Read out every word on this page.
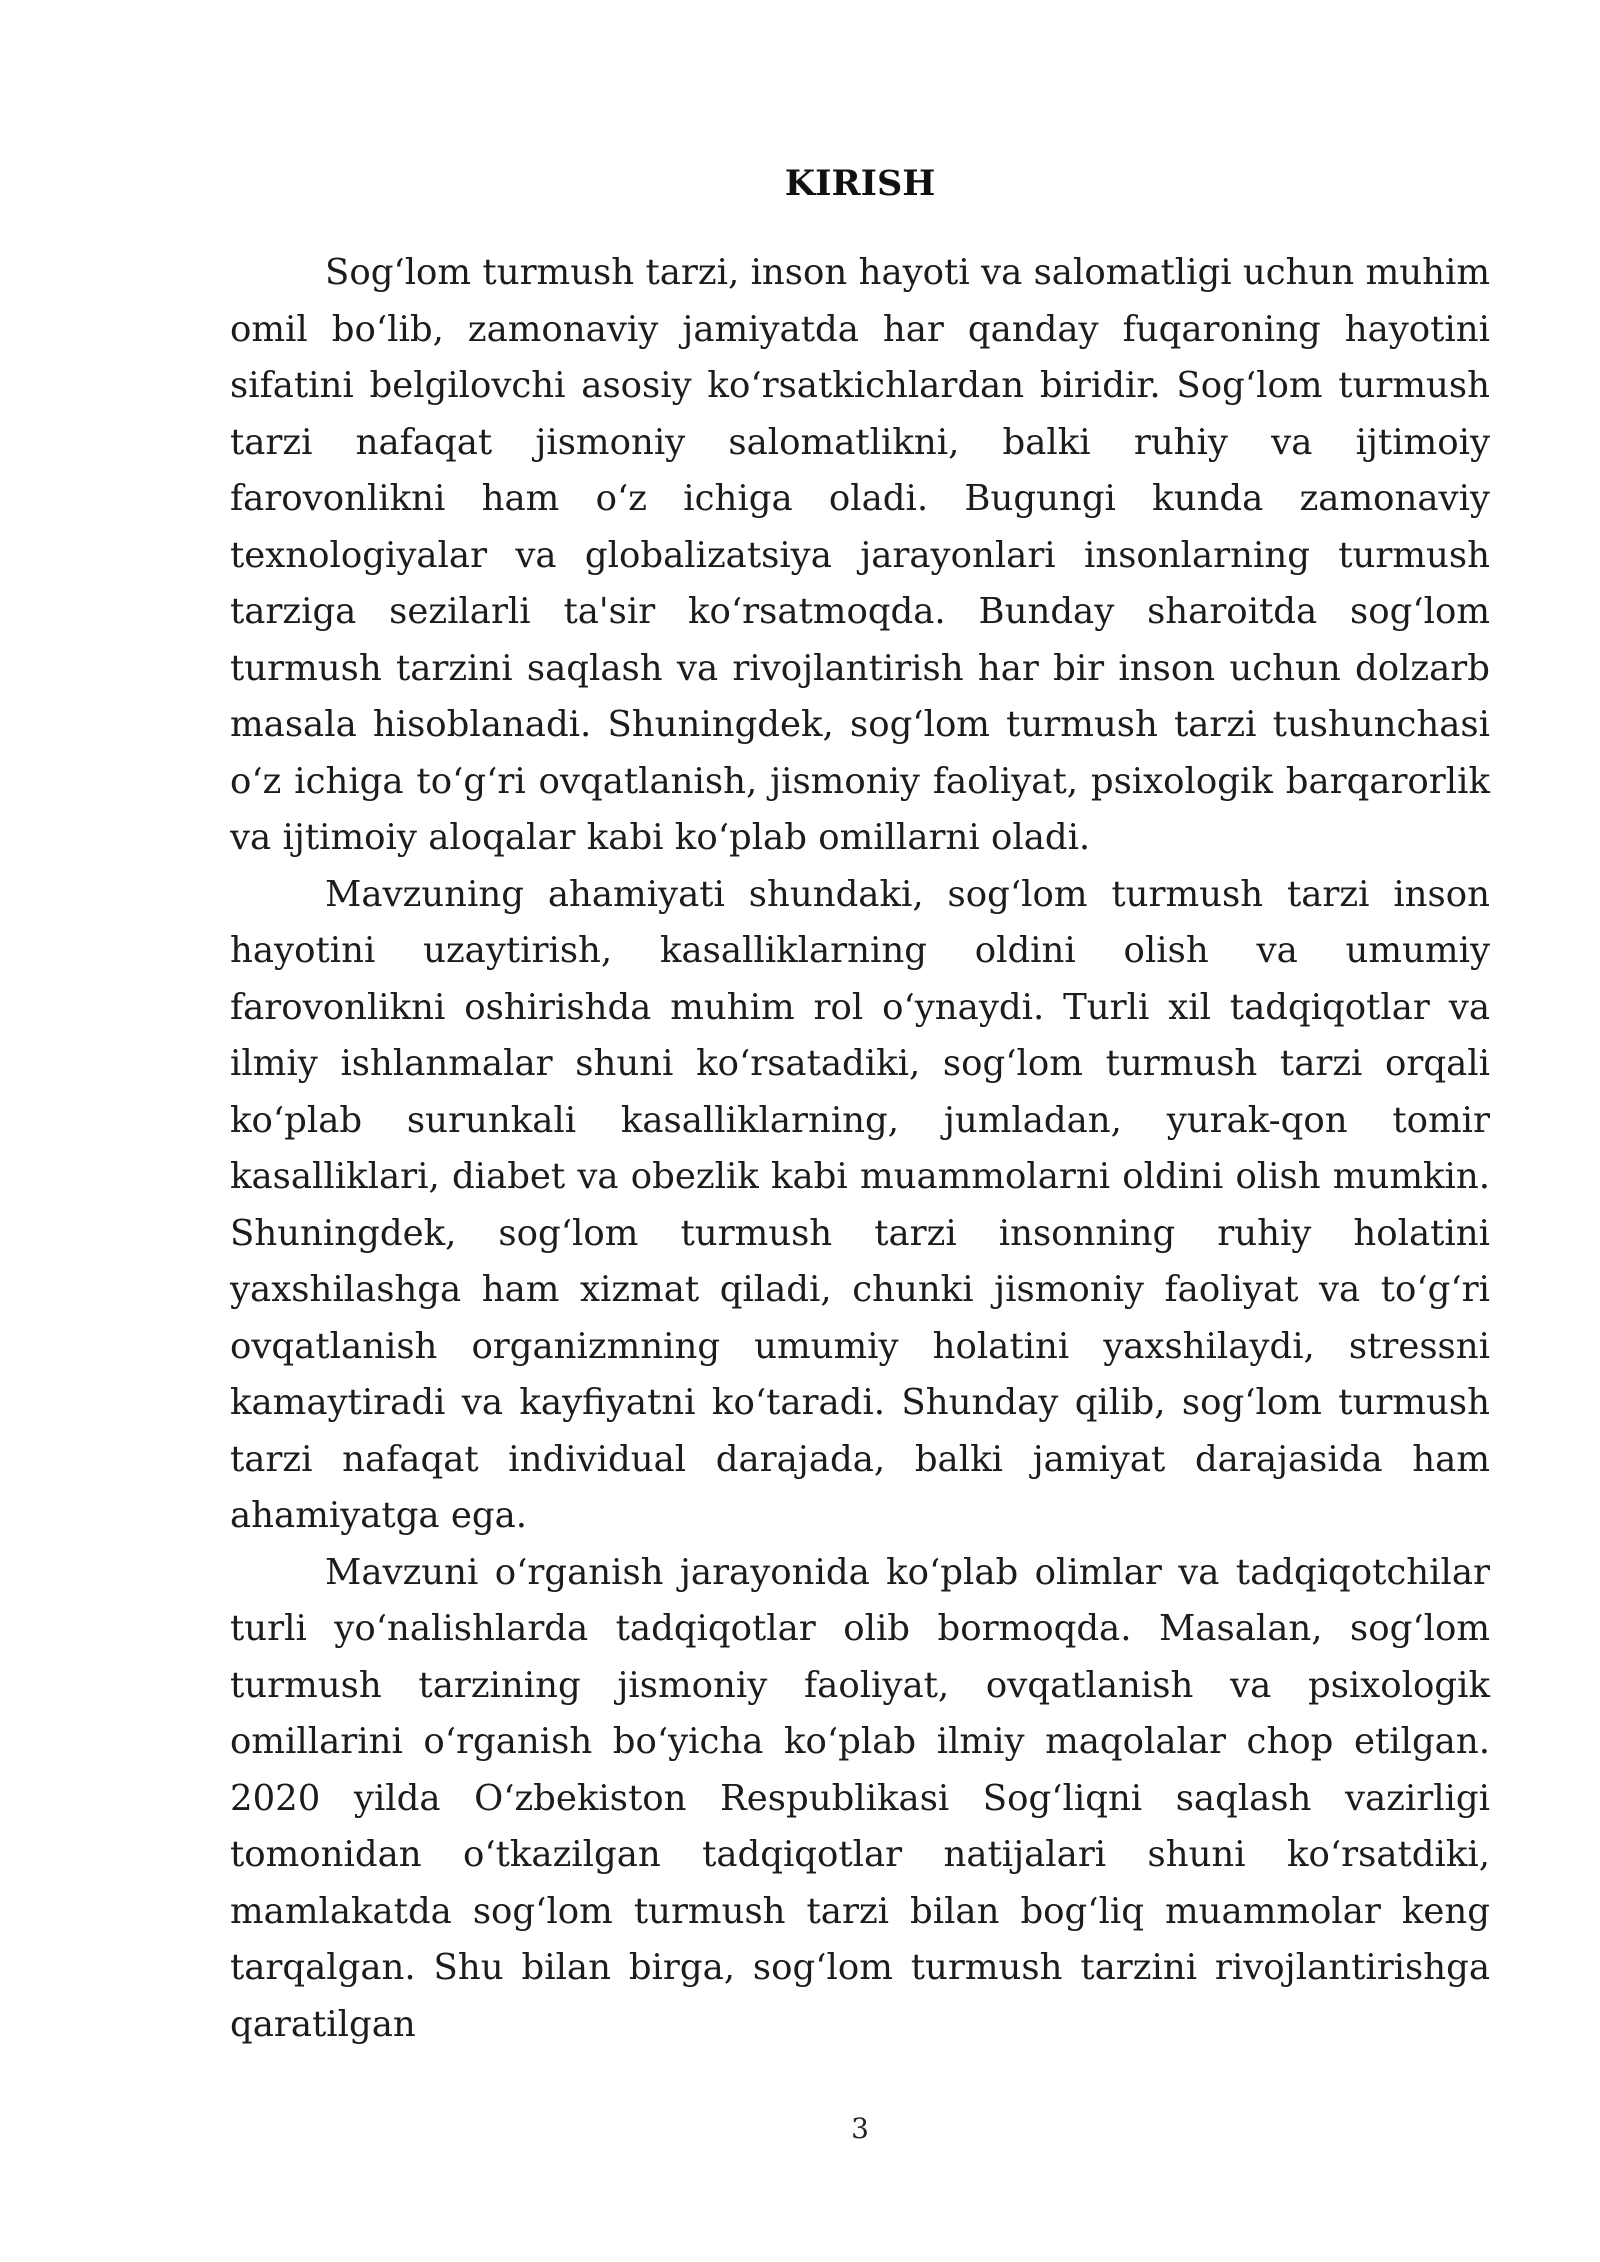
KIRISH

Sog‘lom turmush tarzi, inson hayoti va salomatligi uchun muhim omil bo‘lib, zamonaviy jamiyatda har qanday fuqaroning hayotini sifatini belgilovchi asosiy ko‘rsatkichlardan biridir. Sog‘lom turmush tarzi nafaqat jismoniy salomatlikni, balki ruhiy va ijtimoiy farovonlikni ham o‘z ichiga oladi. Bugungi kunda zamonaviy texnologiyalar va globalizatsiya jarayonlari insonlarning turmush tarziga sezilarli ta'sir ko‘rsatmoqda. Bunday sharoitda sog‘lom turmush tarzini saqlash va rivojlantirish har bir inson uchun dolzarb masala hisoblanadi. Shuningdek, sog‘lom turmush tarzi tushunchasi o‘z ichiga to‘g‘ri ovqatlanish, jismoniy faoliyat, psixologik barqarorlik va ijtimoiy aloqalar kabi ko‘plab omillarni oladi.

Mavzuning ahamiyati shundaki, sog‘lom turmush tarzi inson hayotini uzaytirish, kasalliklarning oldini olish va umumiy farovonlikni oshirishda muhim rol o‘ynaydi. Turli xil tadqiqotlar va ilmiy ishlanmalar shuni ko‘rsatadiki, sog‘lom turmush tarzi orqali ko‘plab surunkali kasalliklarning, jumladan, yurak-qon tomir kasalliklari, diabet va obezlik kabi muammolarni oldini olish mumkin. Shuningdek, sog‘lom turmush tarzi insonning ruhiy holatini yaxshilashga ham xizmat qiladi, chunki jismoniy faoliyat va to‘g‘ri ovqatlanish organizmning umumiy holatini yaxshilaydi, stressni kamaytiradi va kayfiyatni ko‘taradi. Shunday qilib, sog‘lom turmush tarzi nafaqat individual darajada, balki jamiyat darajasida ham ahamiyatga ega.

Mavzuni o‘rganish jarayonida ko‘plab olimlar va tadqiqotchilar turli yo‘nalishlarda tadqiqotlar olib bormoqda. Masalan, sog‘lom turmush tarzining jismoniy faoliyat, ovqatlanish va psixologik omillarini o‘rganish bo‘yicha ko‘plab ilmiy maqolalar chop etilgan. 2020 yilda O‘zbekiston Respublikasi Sog‘liqni saqlash vazirligi tomonidan o‘tkazilgan tadqiqotlar natijalari shuni ko‘rsatdiki, mamlakatda sog‘lom turmush tarzi bilan bog‘liq muammolar keng tarqalgan. Shu bilan birga, sog‘lom turmush tarzini rivojlantirishga qaratilgan

3
